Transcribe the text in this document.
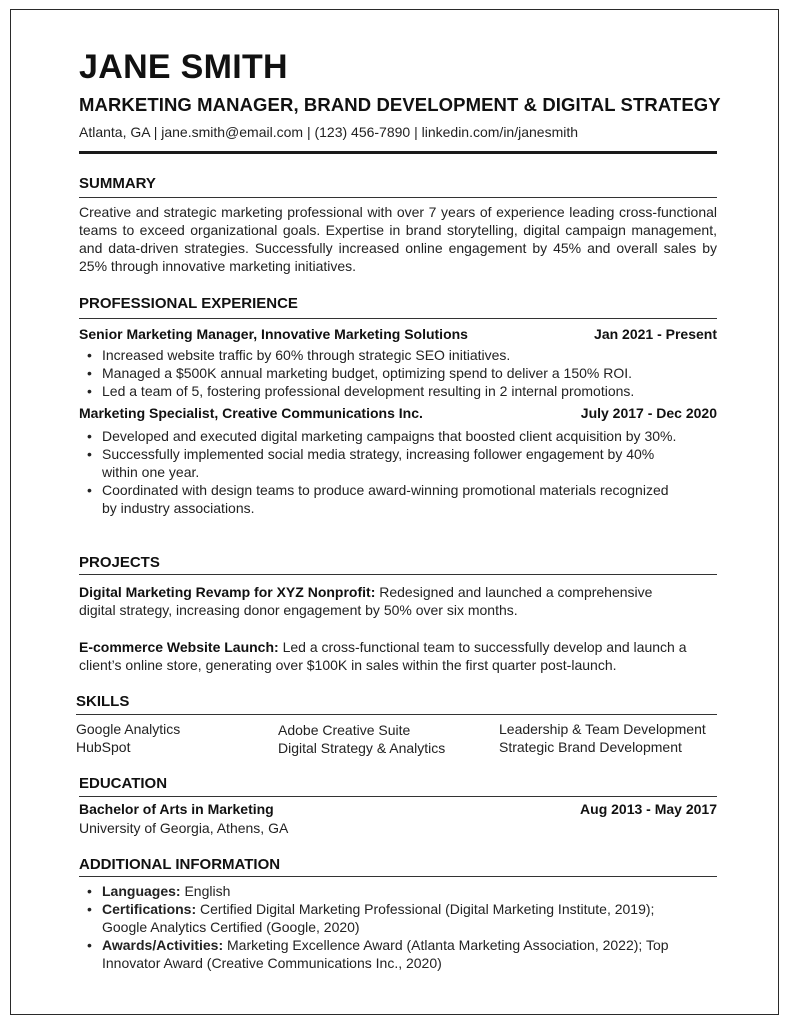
JANE SMITH
MARKETING MANAGER, BRAND DEVELOPMENT & DIGITAL STRATEGY
Atlanta, GA | jane.smith@email.com | (123) 456-7890 | linkedin.com/in/janesmith
SUMMARY
Creative and strategic marketing professional with over 7 years of experience leading cross-functional teams to exceed organizational goals. Expertise in brand storytelling, digital campaign management, and data-driven strategies. Successfully increased online engagement by 45% and overall sales by 25% through innovative marketing initiatives.
PROFESSIONAL EXPERIENCE
Senior Marketing Manager, Innovative Marketing Solutions	Jan 2021 - Present
• Increased website traffic by 60% through strategic SEO initiatives.
• Managed a $500K annual marketing budget, optimizing spend to deliver a 150% ROI.
• Led a team of 5, fostering professional development resulting in 2 internal promotions.
Marketing Specialist, Creative Communications Inc.	July 2017 - Dec 2020
• Developed and executed digital marketing campaigns that boosted client acquisition by 30%.
• Successfully implemented social media strategy, increasing follower engagement by 40% within one year.
• Coordinated with design teams to produce award-winning promotional materials recognized by industry associations.
PROJECTS
Digital Marketing Revamp for XYZ Nonprofit: Redesigned and launched a comprehensive digital strategy, increasing donor engagement by 50% over six months.
E-commerce Website Launch: Led a cross-functional team to successfully develop and launch a client’s online store, generating over $100K in sales within the first quarter post-launch.
SKILLS
Google Analytics	Adobe Creative Suite	Leadership & Team Development
HubSpot	Digital Strategy & Analytics	Strategic Brand Development
EDUCATION
Bachelor of Arts in Marketing	Aug 2013 - May 2017
University of Georgia, Athens, GA
ADDITIONAL INFORMATION
• Languages: English
• Certifications: Certified Digital Marketing Professional (Digital Marketing Institute, 2019); Google Analytics Certified (Google, 2020)
• Awards/Activities: Marketing Excellence Award (Atlanta Marketing Association, 2022); Top Innovator Award (Creative Communications Inc., 2020)
